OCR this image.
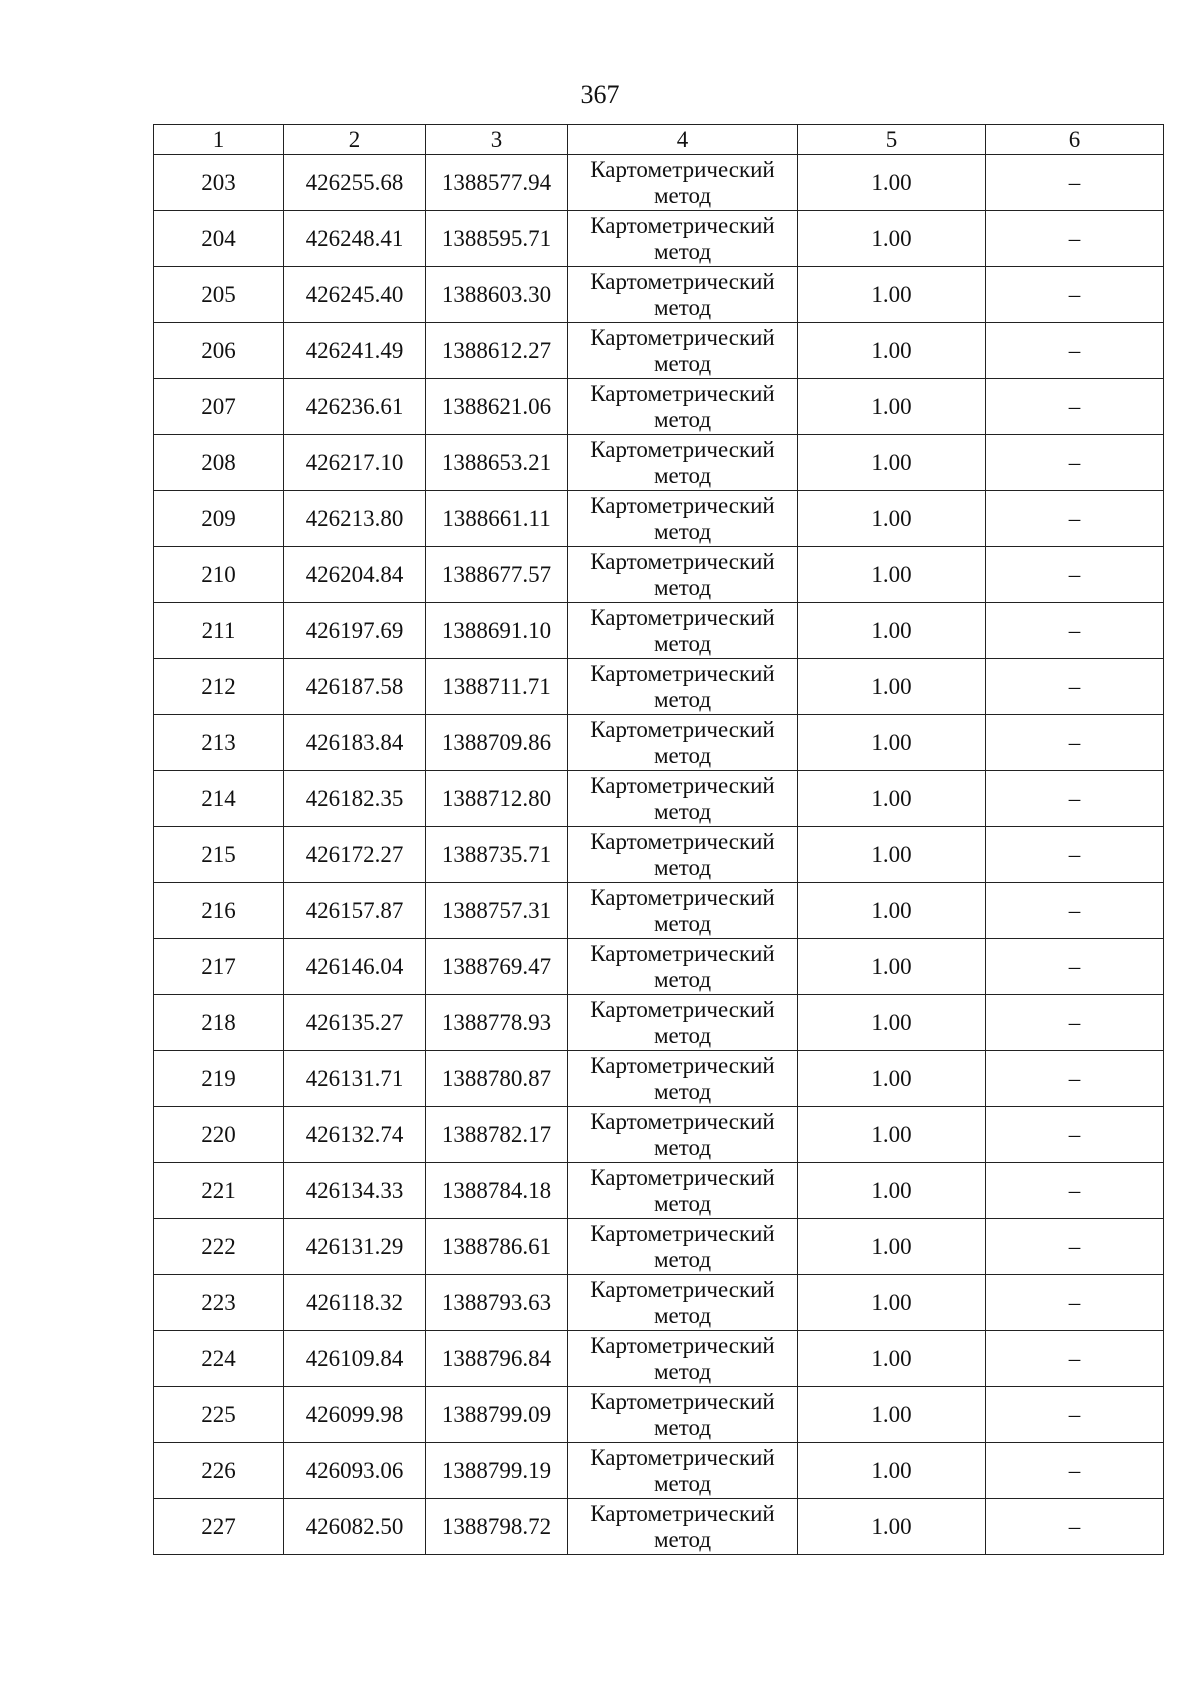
367
1	2	3	4	5	6
203	426255.68	1388577.94	Картометрический метод	1.00	–
204	426248.41	1388595.71	Картометрический метод	1.00	–
205	426245.40	1388603.30	Картометрический метод	1.00	–
206	426241.49	1388612.27	Картометрический метод	1.00	–
207	426236.61	1388621.06	Картометрический метод	1.00	–
208	426217.10	1388653.21	Картометрический метод	1.00	–
209	426213.80	1388661.11	Картометрический метод	1.00	–
210	426204.84	1388677.57	Картометрический метод	1.00	–
211	426197.69	1388691.10	Картометрический метод	1.00	–
212	426187.58	1388711.71	Картометрический метод	1.00	–
213	426183.84	1388709.86	Картометрический метод	1.00	–
214	426182.35	1388712.80	Картометрический метод	1.00	–
215	426172.27	1388735.71	Картометрический метод	1.00	–
216	426157.87	1388757.31	Картометрический метод	1.00	–
217	426146.04	1388769.47	Картометрический метод	1.00	–
218	426135.27	1388778.93	Картометрический метод	1.00	–
219	426131.71	1388780.87	Картометрический метод	1.00	–
220	426132.74	1388782.17	Картометрический метод	1.00	–
221	426134.33	1388784.18	Картометрический метод	1.00	–
222	426131.29	1388786.61	Картометрический метод	1.00	–
223	426118.32	1388793.63	Картометрический метод	1.00	–
224	426109.84	1388796.84	Картометрический метод	1.00	–
225	426099.98	1388799.09	Картометрический метод	1.00	–
226	426093.06	1388799.19	Картометрический метод	1.00	–
227	426082.50	1388798.72	Картометрический метод	1.00	–
